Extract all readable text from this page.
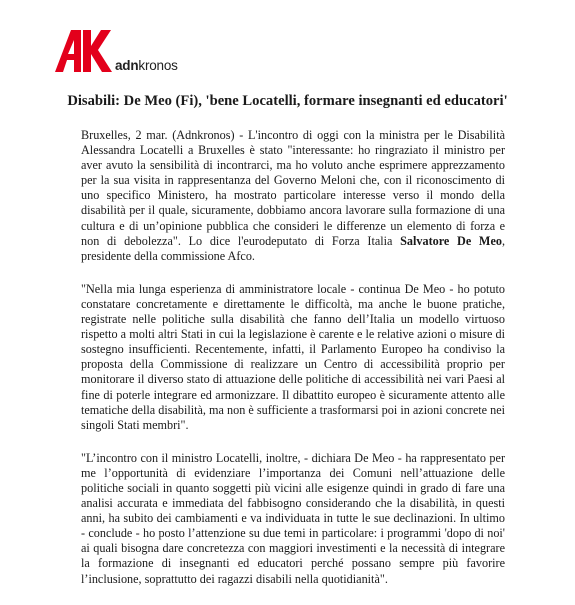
adnkronos
Disabili: De Meo (Fi), 'bene Locatelli, formare insegnanti ed educatori'

Bruxelles, 2 mar. (Adnkronos) - L'incontro di oggi con la ministra per le Disabilità Alessandra Locatelli a Bruxelles è stato "interessante: ho ringraziato il ministro per aver avuto la sensibilità di incontrarci, ma ho voluto anche esprimere apprezzamento per la sua visita in rappresentanza del Governo Meloni che, con il riconoscimento di uno specifico Ministero, ha mostrato particolare interesse verso il mondo della disabilità per il quale, sicuramente, dobbiamo ancora lavorare sulla formazione di una cultura e di un’opinione pubblica che consideri le differenze un elemento di forza e non di debolezza". Lo dice l'eurodeputato di Forza Italia Salvatore De Meo, presidente della commissione Afco.

"Nella mia lunga esperienza di amministratore locale - continua De Meo - ho potuto constatare concretamente e direttamente le difficoltà, ma anche le buone pratiche, registrate nelle politiche sulla disabilità che fanno dell’Italia un modello virtuoso rispetto a molti altri Stati in cui la legislazione è carente e le relative azioni o misure di sostegno insufficienti. Recentemente, infatti, il Parlamento Europeo ha condiviso la proposta della Commissione di realizzare un Centro di accessibilità proprio per monitorare il diverso stato di attuazione delle politiche di accessibilità nei vari Paesi al fine di poterle integrare ed armonizzare. Il dibattito europeo è sicuramente attento alle tematiche della disabilità, ma non è sufficiente a trasformarsi poi in azioni concrete nei singoli Stati membri".

"L’incontro con il ministro Locatelli, inoltre, - dichiara De Meo - ha rappresentato per me l’opportunità di evidenziare l’importanza dei Comuni nell’attuazione delle politiche sociali in quanto soggetti più vicini alle esigenze quindi in grado di fare una analisi accurata e immediata del fabbisogno considerando che la disabilità, in questi anni, ha subito dei cambiamenti e va individuata in tutte le sue declinazioni. In ultimo - conclude - ho posto l’attenzione su due temi in particolare: i programmi 'dopo di noi' ai quali bisogna dare concretezza con maggiori investimenti e la necessità di integrare la formazione di insegnanti ed educatori perché possano sempre più favorire l’inclusione, soprattutto dei ragazzi disabili nella quotidianità".
